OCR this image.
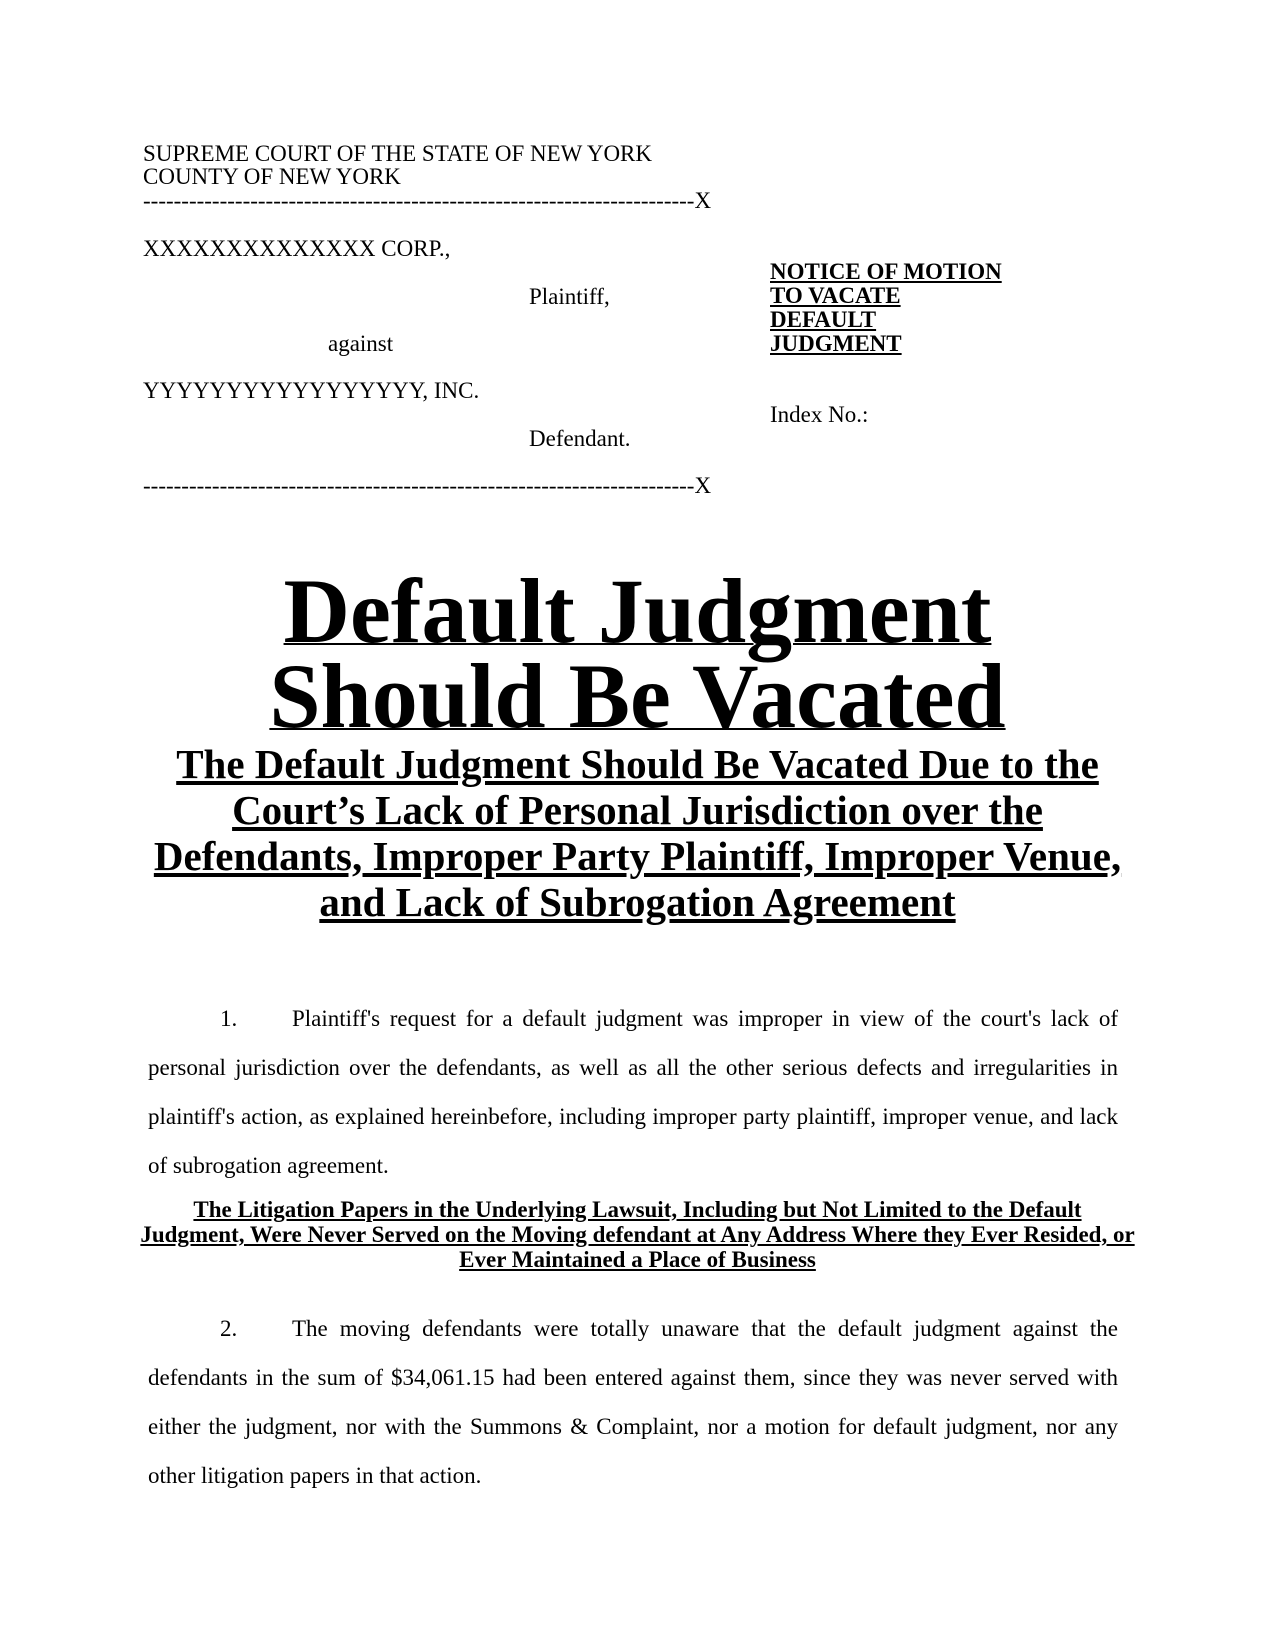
SUPREME COURT OF THE STATE OF NEW YORK
COUNTY OF NEW YORK
------------------------------------------------------------------------X
XXXXXXXXXXXXXX CORP.,
Plaintiff,
against
YYYYYYYYYYYYYYYYY, INC.
Defendant.
------------------------------------------------------------------------X
NOTICE OF MOTION
TO VACATE
DEFAULT
JUDGMENT
Index No.:
Default Judgment
Should Be Vacated
The Default Judgment Should Be Vacated Due to the Court’s Lack of Personal Jurisdiction over the Defendants, Improper Party Plaintiff, Improper Venue, and Lack of Subrogation Agreement
1. Plaintiff's request for a default judgment was improper in view of the court's lack of personal jurisdiction over the defendants, as well as all the other serious defects and irregularities in plaintiff's action, as explained hereinbefore, including improper party plaintiff, improper venue, and lack of subrogation agreement.
The Litigation Papers in the Underlying Lawsuit, Including but Not Limited to the Default Judgment, Were Never Served on the Moving defendant at Any Address Where they Ever Resided, or Ever Maintained a Place of Business
2. The moving defendants were totally unaware that the default judgment against the defendants in the sum of $34,061.15 had been entered against them, since they was never served with either the judgment, nor with the Summons & Complaint, nor a motion for default judgment, nor any other litigation papers in that action.
